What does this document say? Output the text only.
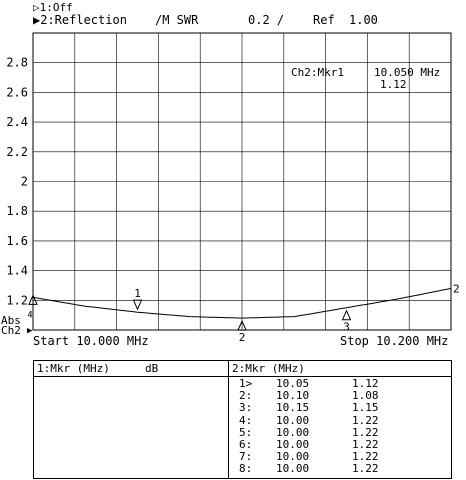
▷1:Off
▶2:Reflection /M SWR	0.2 / Ref 1.00
2.8
2.6
2.4
2.2
2
1.8
1.6
1.4
1.2	1
2
3
2
4
Ch2:Mkr1	10.050 MHz
1.12
Abs
Ch2 ▶
Start 10.000 MHz	Stop 10.200 MHz
1:Mkr (MHz)	dB	2:Mkr (MHz)
1> 10.05	1.12
2: 10.10	1.08
3: 10.15	1.15
4: 10.00	1.22
5: 10.00	1.22
6: 10.00	1.22
7: 10.00	1.22
8: 10.00	1.22
